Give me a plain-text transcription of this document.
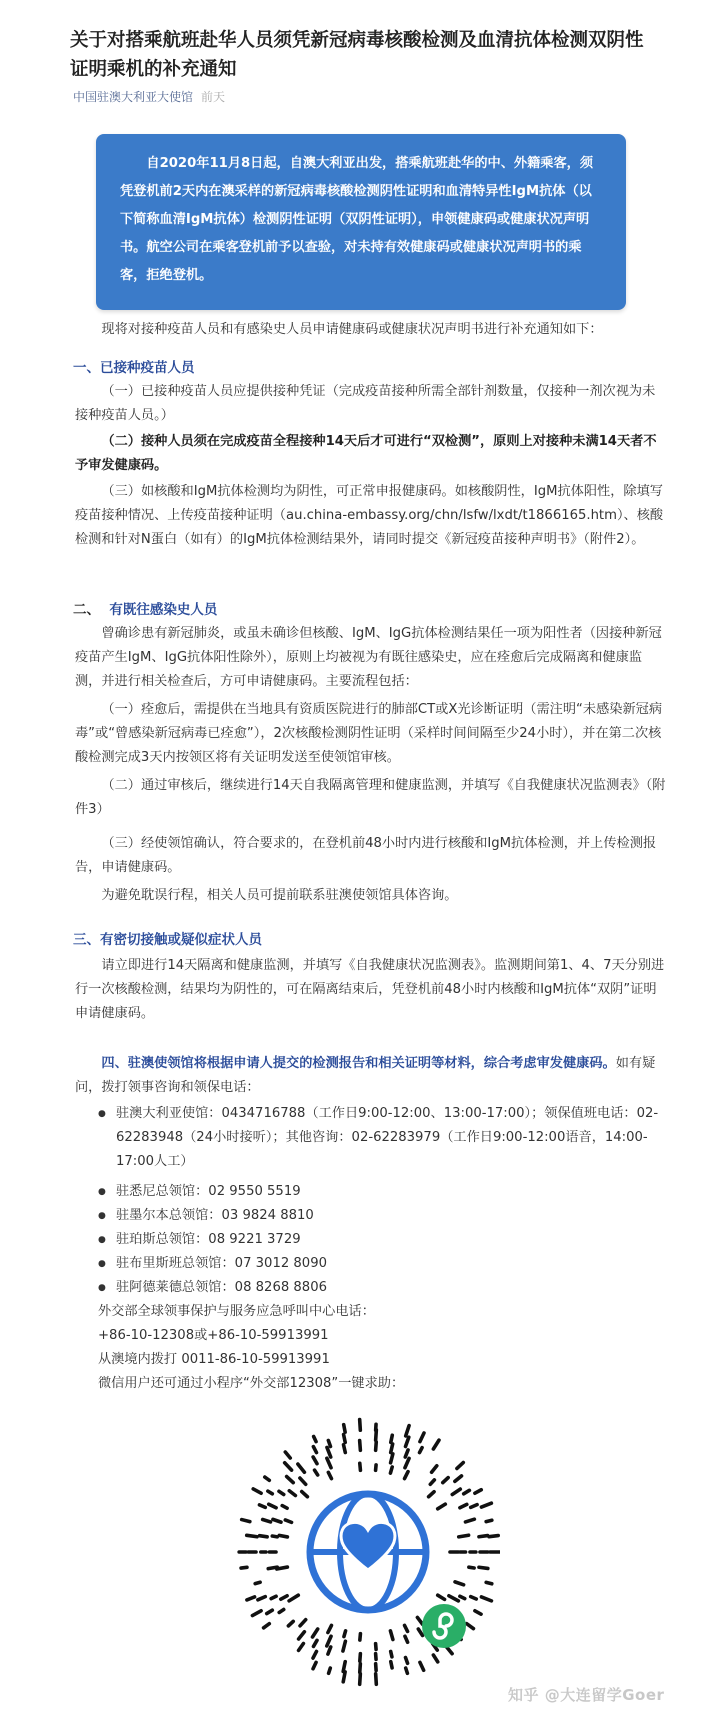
关于对搭乘航班赴华人员须凭新冠病毒核酸检测及血清抗体检测双阴性证明乘机的补充通知
中国驻澳大利亚大使馆 前天
自2020年11月8日起，自澳大利亚出发，搭乘航班赴华的中、外籍乘客，须凭登机前2天内在澳采样的新冠病毒核酸检测阴性证明和血清特异性IgM抗体（以下简称血清IgM抗体）检测阴性证明（双阴性证明），申领健康码或健康状况声明书。航空公司在乘客登机前予以查验，对未持有效健康码或健康状况声明书的乘客，拒绝登机。

现将对接种疫苗人员和有感染史人员申请健康码或健康状况声明书进行补充通知如下：

一、已接种疫苗人员

（一）已接种疫苗人员应提供接种凭证（完成疫苗接种所需全部针剂数量，仅接种一剂次视为未接种疫苗人员。）

（二）接种人员须在完成疫苗全程接种14天后才可进行“双检测”，原则上对接种未满14天者不予审发健康码。

（三）如核酸和IgM抗体检测均为阴性，可正常申报健康码。如核酸阴性，IgM抗体阳性，除填写疫苗接种情况、上传疫苗接种证明（au.china-embassy.org/chn/lsfw/lxdt/t1866165.htm）、核酸检测和针对N蛋白（如有）的IgM抗体检测结果外，请同时提交《新冠疫苗接种声明书》（附件2）。

二、 有既往感染史人员

曾确诊患有新冠肺炎，或虽未确诊但核酸、IgM、IgG抗体检测结果任一项为阳性者（因接种新冠疫苗产生IgM、IgG抗体阳性除外），原则上均被视为有既往感染史，应在痊愈后完成隔离和健康监测，并进行相关检查后，方可申请健康码。主要流程包括：

（一）痊愈后，需提供在当地具有资质医院进行的肺部CT或X光诊断证明（需注明“未感染新冠病毒”或“曾感染新冠病毒已痊愈”），2次核酸检测阴性证明（采样时间间隔至少24小时），并在第二次核酸检测完成3天内按领区将有关证明发送至使领馆审核。

（二）通过审核后，继续进行14天自我隔离管理和健康监测，并填写《自我健康状况监测表》（附件3）

（三）经使领馆确认，符合要求的，在登机前48小时内进行核酸和IgM抗体检测，并上传检测报告，申请健康码。

为避免耽误行程，相关人员可提前联系驻澳使领馆具体咨询。

三、有密切接触或疑似症状人员

请立即进行14天隔离和健康监测，并填写《自我健康状况监测表》。监测期间第1、4、7天分别进行一次核酸检测，结果均为阴性的，可在隔离结束后，凭登机前48小时内核酸和IgM抗体“双阴”证明申请健康码。

四、驻澳使领馆将根据申请人提交的检测报告和相关证明等材料，综合考虑审发健康码。如有疑问，拨打领事咨询和领保电话：

● 驻澳大利亚使馆：0434716788（工作日9:00-12:00、13:00-17:00）；领保值班电话：02-62283948（24小时接听）；其他咨询：02-62283979（工作日9:00-12:00语音，14:00-17:00人工）
● 驻悉尼总领馆：02 9550 5519
● 驻墨尔本总领馆：03 9824 8810
● 驻珀斯总领馆：08 9221 3729
● 驻布里斯班总领馆：07 3012 8090
● 驻阿德莱德总领馆：08 8268 8806
外交部全球领事保护与服务应急呼叫中心电话：
+86-10-12308或+86-10-59913991
从澳境内拨打 0011-86-10-59913991
微信用户还可通过小程序“外交部12308”一键求助：
知乎 @大连留学Goer
